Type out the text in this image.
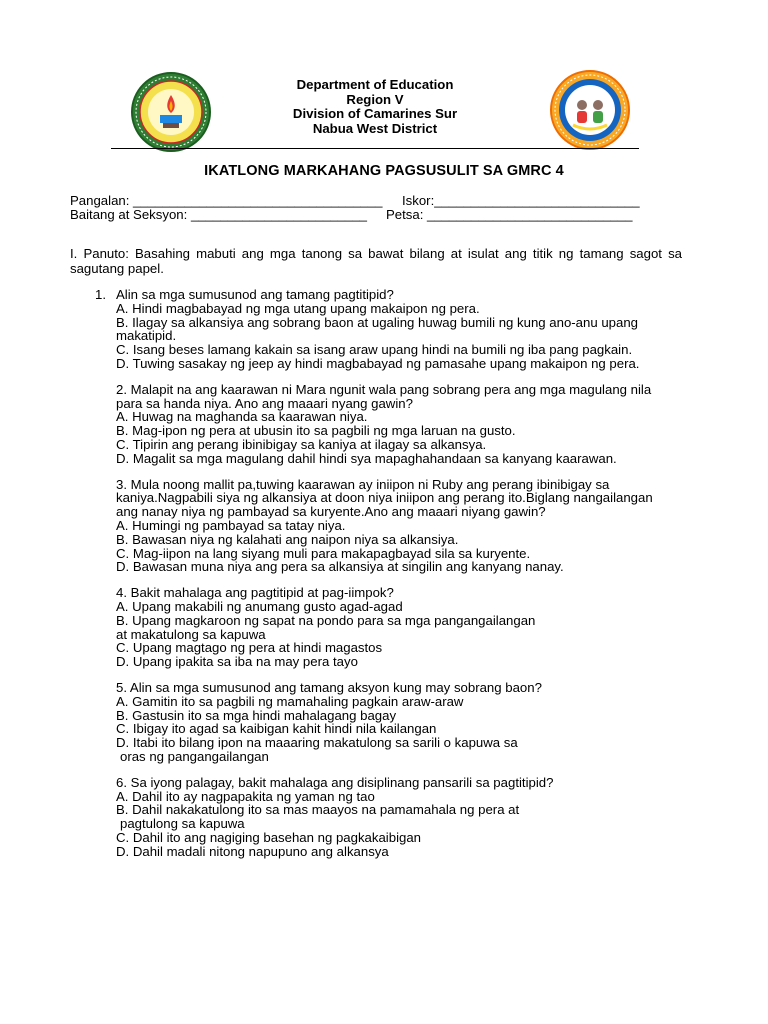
Department of Education
Region V
Division of Camarines Sur
Nabua West District
IKATLONG MARKAHANG PAGSUSULIT SA GMRC 4
Pangalan: __________________________________ Iskor:____________________________
Baitang at Seksyon: ________________________ Petsa: ____________________________
I. Panuto: Basahing mabuti ang mga tanong sa bawat bilang at isulat ang titik ng tamang sagot sa sagutang papel.
1. Alin sa mga sumusunod ang tamang pagtitipid?
A. Hindi magbabayad ng mga utang upang makaipon ng pera.
B. Ilagay sa alkansiya ang sobrang baon at ugaling huwag bumili ng kung ano-anu upang makatipid.
C. Isang beses lamang kakain sa isang araw upang hindi na bumili ng iba pang pagkain.
D. Tuwing sasakay ng jeep ay hindi magbabayad ng pamasahe upang makaipon ng pera.
2. Malapit na ang kaarawan ni Mara ngunit wala pang sobrang pera ang mga magulang nila para sa handa niya. Ano ang maaari nyang gawin?
A. Huwag na maghanda sa kaarawan niya.
B. Mag-ipon ng pera at ubusin ito sa pagbili ng mga laruan na gusto.
C. Tipirin ang perang ibinibigay sa kaniya at ilagay sa alkansya.
D. Magalit sa mga magulang dahil hindi sya mapaghahandaan sa kanyang kaarawan.
3. Mula noong mallit pa,tuwing kaarawan ay iniipon ni Ruby ang perang ibinibigay sa kaniya.Nagpabili siya ng alkansiya at doon niya iniipon ang perang ito.Biglang nangailangan ang nanay niya ng pambayad sa kuryente.Ano ang maaari niyang gawin?
A. Humingi ng pambayad sa tatay niya.
B. Bawasan niya ng kalahati ang naipon niya sa alkansiya.
C. Mag-iipon na lang siyang muli para makapagbayad sila sa kuryente.
D. Bawasan muna niya ang pera sa alkansiya at singilin ang kanyang nanay.
4. Bakit mahalaga ang pagtitipid at pag-iimpok?
A. Upang makabili ng anumang gusto agad-agad
B. Upang magkaroon ng sapat na pondo para sa mga pangangailangan
at makatulong sa kapuwa
C. Upang magtago ng pera at hindi magastos
D. Upang ipakita sa iba na may pera tayo
5. Alin sa mga sumusunod ang tamang aksyon kung may sobrang baon?
A. Gamitin ito sa pagbili ng mamahaling pagkain araw-araw
B. Gastusin ito sa mga hindi mahalagang bagay
C. Ibigay ito agad sa kaibigan kahit hindi nila kailangan
D. Itabi ito bilang ipon na maaaring makatulong sa sarili o kapuwa sa
oras ng pangangailangan
6. Sa iyong palagay, bakit mahalaga ang disiplinang pansarili sa pagtitipid?
A. Dahil ito ay nagpapakita ng yaman ng tao
B. Dahil nakakatulong ito sa mas maayos na pamamahala ng pera at
pagtulong sa kapuwa
C. Dahil ito ang nagiging basehan ng pagkakaibigan
D. Dahil madali nitong napupuno ang alkansya
